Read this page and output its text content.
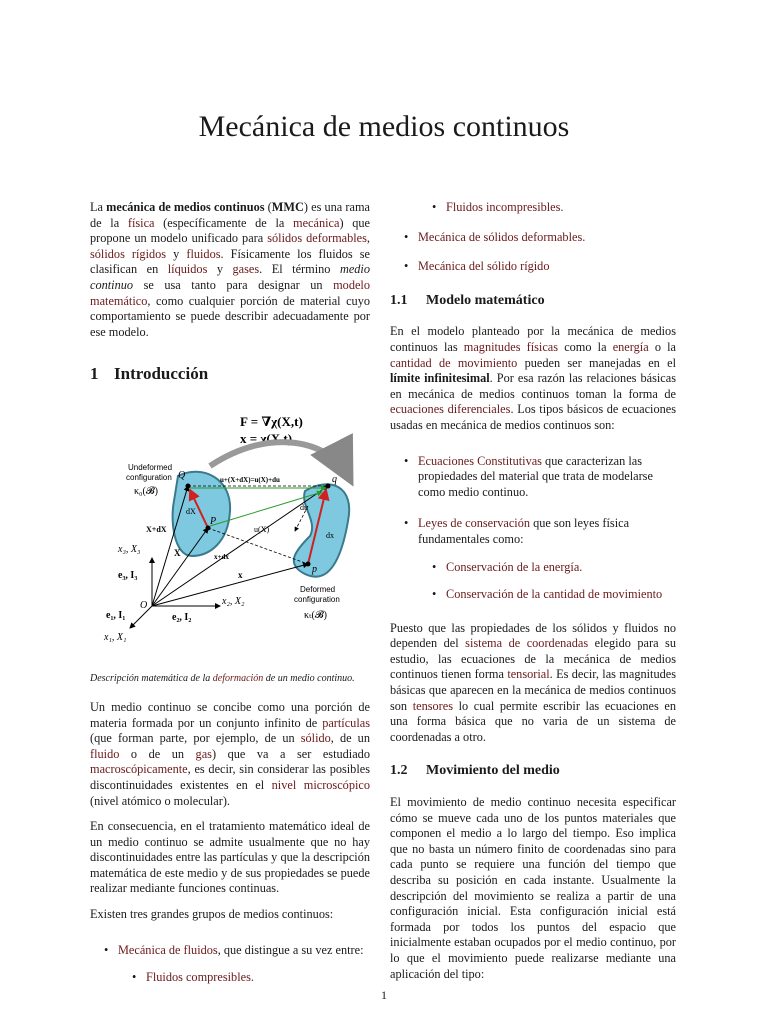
Mecánica de medios continuos

La mecánica de medios continuos (MMC) es una rama de la física (específicamente de la mecánica) que propone un modelo unificado para sólidos deformables, sólidos rígidos y fluidos. Físicamente los fluidos se clasifican en líquidos y gases. El término medio continuo se usa tanto para designar un modelo matemático, como cualquier porción de material cuyo comportamiento se puede describir adecuadamente por ese modelo.

1 Introducción
F = ∇χ(X,t)
x = χ(X,t)
Undeformed
configuration
κ₀(𝓑)
Deformed
configuration
κₜ(𝓑)
O
x₃, X₃
e₃, I₃
x₂, X₂
e₂, I₂
e₁, I₁
x₁, X₁
Q
P
q
p
dX
dx
du
u(X)
u+(X+dX)=u(X)+du
X+dX
X	x+dx
x

Descripción matemática de la deformación de un medio continuo.

Un medio continuo se concibe como una porción de materia formada por un conjunto infinito de partículas (que forman parte, por ejemplo, de un sólido, de un fluido o de un gas) que va a ser estudiado macroscópicamente, es decir, sin considerar las posibles discontinuidades existentes en el nivel microscópico (nivel atómico o molecular).

En consecuencia, en el tratamiento matemático ideal de un medio continuo se admite usualmente que no hay discontinuidades entre las partículas y que la descripción matemática de este medio y de sus propiedades se puede realizar mediante funciones continuas.

Existen tres grandes grupos de medios continuos:

• Mecánica de fluidos, que distingue a su vez entre:
• Fluidos compresibles.
• Fluidos incompresibles.
• Mecánica de sólidos deformables.
• Mecánica del sólido rígido
1.1 Modelo matemático

En el modelo planteado por la mecánica de medios continuos las magnitudes físicas como la energía o la cantidad de movimiento pueden ser manejadas en el límite infinitesimal. Por esa razón las relaciones básicas en mecánica de medios continuos toman la forma de ecuaciones diferenciales. Los tipos básicos de ecuaciones usadas en mecánica de medios continuos son:

• Ecuaciones Constitutivas que caracterizan las propiedades del material que trata de modelarse como medio continuo.
• Leyes de conservación que son leyes física fundamentales como:
• Conservación de la energía.
• Conservación de la cantidad de movimiento

Puesto que las propiedades de los sólidos y fluidos no dependen del sistema de coordenadas elegido para su estudio, las ecuaciones de la mecánica de medios continuos tienen forma tensorial. Es decir, las magnitudes básicas que aparecen en la mecánica de medios continuos son tensores lo cual permite escribir las ecuaciones en una forma básica que no varia de un sistema de coordenadas a otro.

1.2 Movimiento del medio

El movimiento de medio continuo necesita especificar cómo se mueve cada uno de los puntos materiales que componen el medio a lo largo del tiempo. Eso implica que no basta un número finito de coordenadas sino para cada punto se requiere una función del tiempo que describa su posición en cada instante. Usualmente la descripción del movimiento se realiza a partir de una configuración inicial. Esta configuración inicial está formada por todos los puntos del espacio que inicialmente estaban ocupados por el medio continuo, por lo que el movimiento puede realizarse mediante una aplicación del tipo:

1
